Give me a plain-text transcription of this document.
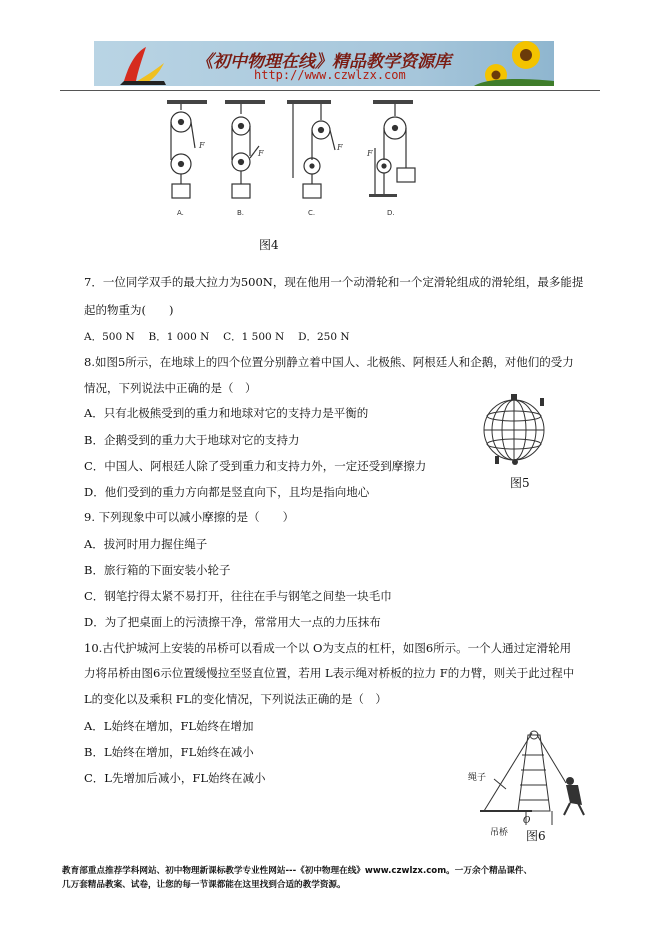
《初中物理在线》精品教学资源库
http://www.czwlzx.com
F
F
F
F
A.	B.	C.	D.
图4
7．一位同学双手的最大拉力为500N，现在他用一个动滑轮和一个定滑轮组成的滑轮组，最多能提
起的物重为(　　)
A．500 N　 B．1 000 N　 C．1 500 N　 D．250 N
8.如图5所示，在地球上的四个位置分别静立着中国人、北极熊、阿根廷人和企鹅，对他们的受力
情况，下列说法中正确的是（　）
A．只有北极熊受到的重力和地球对它的支持力是平衡的
B．企鹅受到的重力大于地球对它的支持力
C．中国人、阿根廷人除了受到重力和支持力外，一定还受到摩擦力
D．他们受到的重力方向都是竖直向下，且均是指向地心
图5
9. 下列现象中可以减小摩擦的是（　　）
A．拔河时用力握住绳子
B．旅行箱的下面安装小轮子
C．钢笔拧得太紧不易打开，往往在手与钢笔之间垫一块毛巾
D．为了把桌面上的污渍擦干净，常常用大一点的力压抹布
10.古代护城河上安装的吊桥可以看成一个以 O为支点的杠杆，如图6所示。一个人通过定滑轮用
力将吊桥由图6示位置缓慢拉至竖直位置，若用 L表示绳对桥板的拉力 F的力臂，则关于此过程中
L的变化以及乘积 FL的变化情况，下列说法正确的是（　）
A．L始终在增加，FL始终在增加
B．L始终在增加，FL始终在减小
C．L先增加后减小，FL始终在减小	绳子
O
吊桥 图6
教育部重点推荐学科网站、初中物理新课标教学专业性网站---《初中物理在线》www.czwlzx.com。一万余个精品课件、
几万套精品教案、试卷，让您的每一节课都能在这里找到合适的教学资源。
